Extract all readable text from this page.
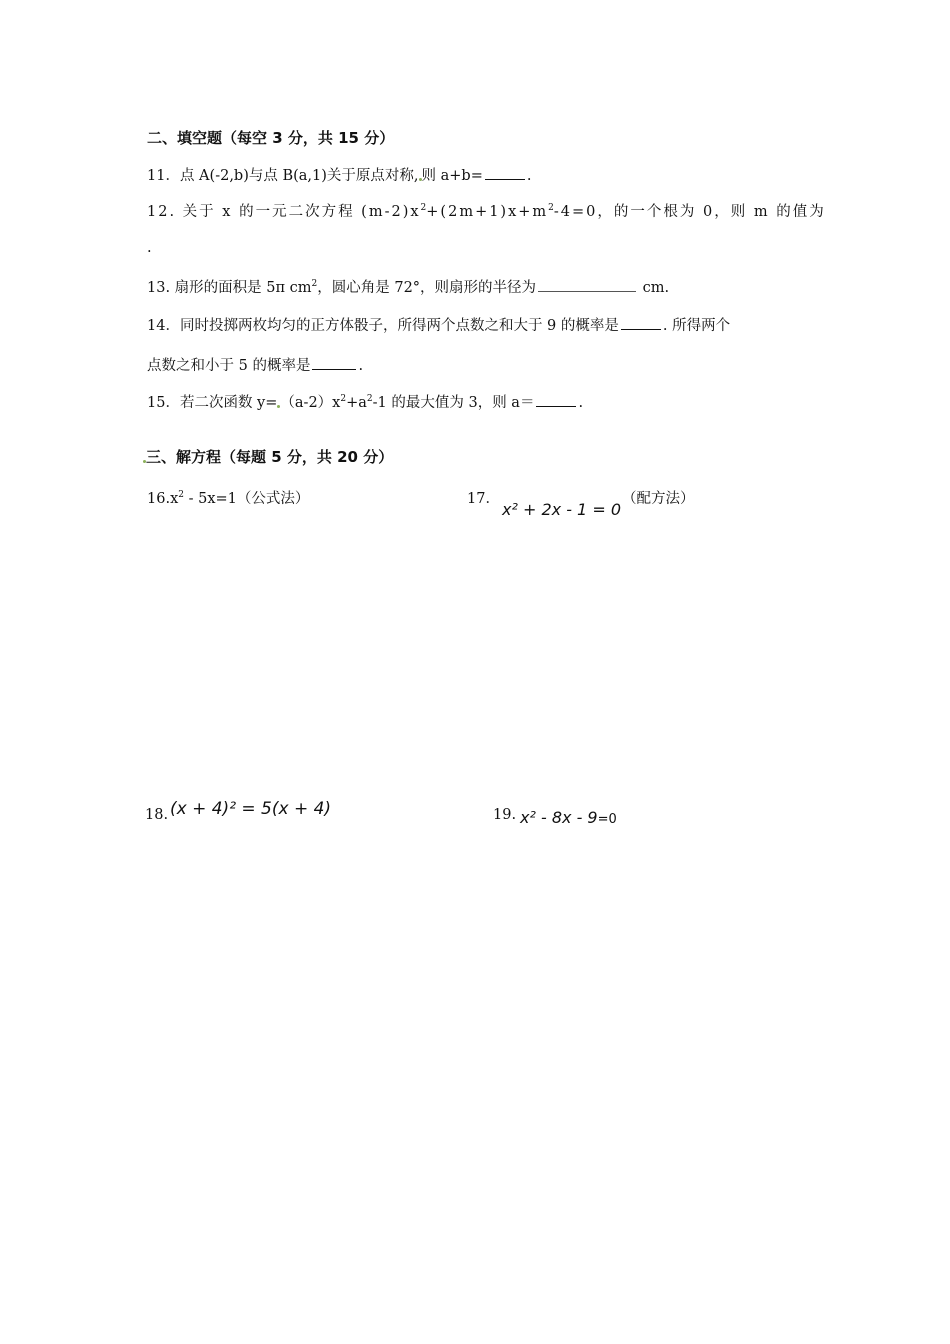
二、填空题（每空 3 分，共 15 分）
11．点 A(-2,b)与点 B(a,1)关于原点对称, 则 a+b=	.
12. 关于 x 的一元二次方程 $(m-2)x^2+(2m+1)x+m^2-4=0$，的一个根为 0，则 m 的值为
.
13. 扇形的面积是 5π $cm^2$，圆心角是 72°，则扇形的半径为	cm.
14．同时投掷两枚均匀的正方体骰子，所得两个点数之和大于 9 的概率是	. 所得两个
点数之和小于 5 的概率是	.
15．若二次函数 $y= (a-2)x^2+a^2-1$ 的最大值为 3，则 a＝	.
三、解方程（每题 5 分，共 20 分）
$16.x^2 - 5x=1$（公式法）	17．	（配方法）
x² + 2x - 1 = 0
18. (x + 4)² = 5(x + 4)	19. x² - 8x - 9=0
